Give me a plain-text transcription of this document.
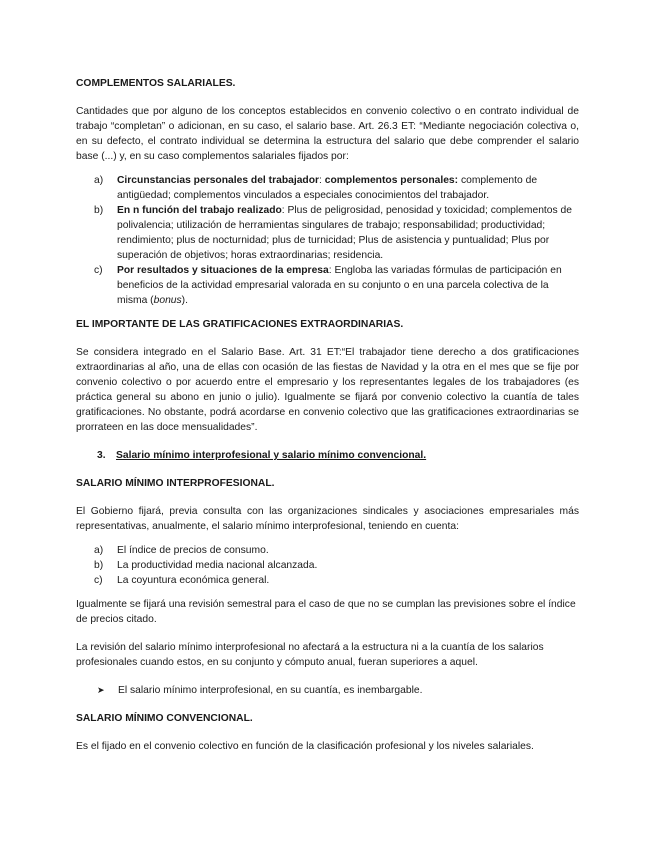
COMPLEMENTOS SALARIALES.
Cantidades que por alguno de los conceptos establecidos en convenio colectivo o en contrato individual de trabajo “completan” o adicionan, en su caso, el salario base. Art. 26.3 ET: “Mediante negociación colectiva o, en su defecto, el contrato individual se determina la estructura del salario que debe comprender el salario base (...) y, en su caso complementos salariales fijados por:
a) Circunstancias personales del trabajador: complementos personales: complemento de antigüedad; complementos vinculados a especiales conocimientos del trabajador.
b) En n función del trabajo realizado: Plus de peligrosidad, penosidad y toxicidad; complementos de polivalencia; utilización de herramientas singulares de trabajo; responsabilidad; productividad; rendimiento; plus de nocturnidad; plus de turnicidad; Plus de asistencia y puntualidad; Plus por superación de objetivos; horas extraordinarias; residencia.
c) Por resultados y situaciones de la empresa: Engloba las variadas fórmulas de participación en beneficios de la actividad empresarial valorada en su conjunto o en una parcela colectiva de la misma (bonus).
EL IMPORTANTE DE LAS GRATIFICACIONES EXTRAORDINARIAS.
Se considera integrado en el Salario Base. Art. 31 ET:“El trabajador tiene derecho a dos gratificaciones extraordinarias al año, una de ellas con ocasión de las fiestas de Navidad y la otra en el mes que se fije por convenio colectivo o por acuerdo entre el empresario y los representantes legales de los trabajadores (es práctica general su abono en junio o julio). Igualmente se fijará por convenio colectivo la cuantía de tales gratificaciones. No obstante, podrá acordarse en convenio colectivo que las gratificaciones extraordinarias se prorrateen en las doce mensualidades”.
3. Salario mínimo interprofesional y salario mínimo convencional.
SALARIO MÍNIMO INTERPROFESIONAL.
El Gobierno fijará, previa consulta con las organizaciones sindicales y asociaciones empresariales más representativas, anualmente, el salario mínimo interprofesional, teniendo en cuenta:
a) El índice de precios de consumo.
b) La productividad media nacional alcanzada.
c) La coyuntura económica general.
Igualmente se fijará una revisión semestral para el caso de que no se cumplan las previsiones sobre el índice de precios citado.
La revisión del salario mínimo interprofesional no afectará a la estructura ni a la cuantía de los salarios profesionales cuando estos, en su conjunto y cómputo anual, fueran superiores a aquel.
➤ El salario mínimo interprofesional, en su cuantía, es inembargable.
SALARIO MÍNIMO CONVENCIONAL.
Es el fijado en el convenio colectivo en función de la clasificación profesional y los niveles salariales.
